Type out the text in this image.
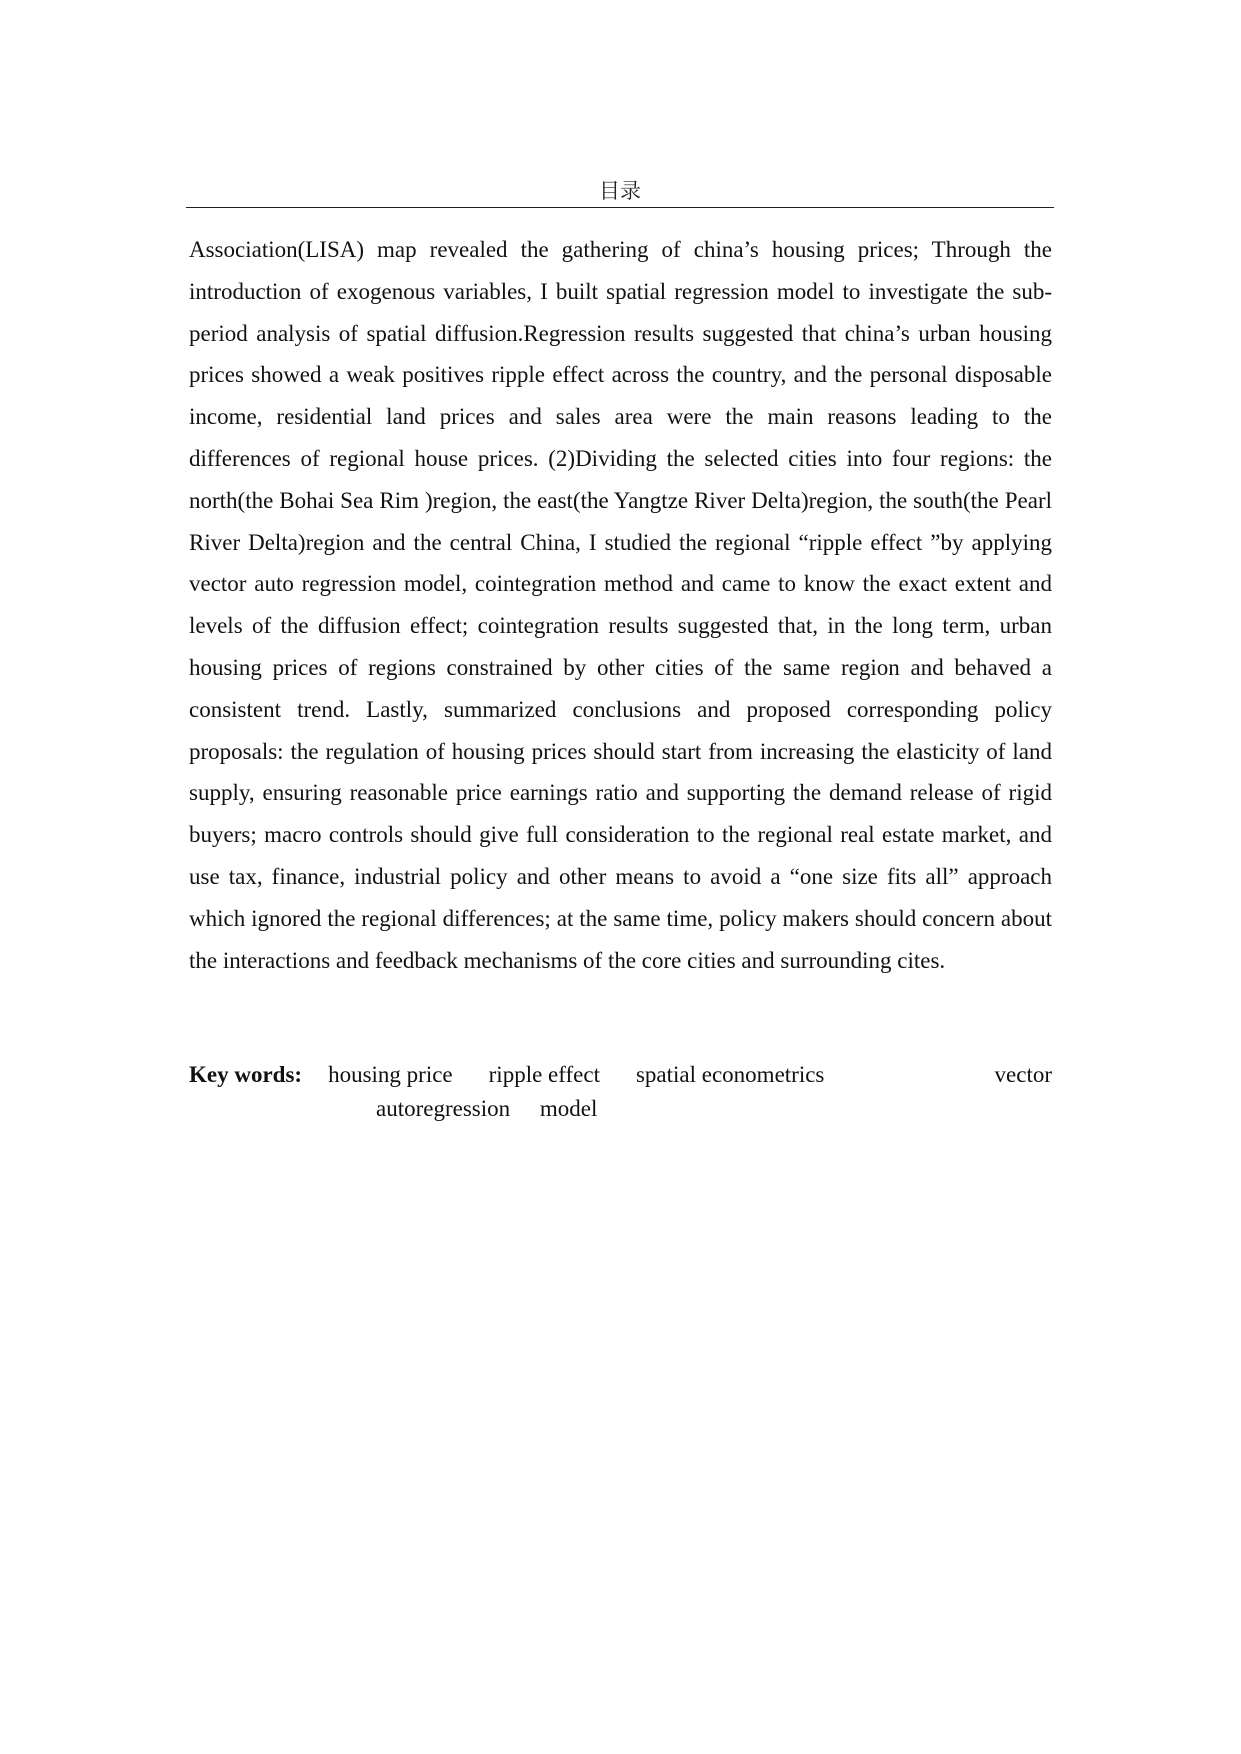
目录

Association(LISA) map revealed the gathering of china’s housing prices; Through the introduction of exogenous variables, I built spatial regression model to investigate the sub-period analysis of spatial diffusion.Regression results suggested that china’s urban housing prices showed a weak positives ripple effect across the country, and the personal disposable income, residential land prices and sales area were the main reasons leading to the differences of regional house prices. (2)Dividing the selected cities into four regions: the north(the Bohai Sea Rim )region, the east(the Yangtze River Delta)region, the south(the Pearl River Delta)region and the central China, I studied the regional “ripple effect ”by applying vector auto regression model, cointegration method and came to know the exact extent and levels of the diffusion effect; cointegration results suggested that, in the long term, urban housing prices of regions constrained by other cities of the same region and behaved a consistent trend. Lastly, summarized conclusions and proposed corresponding policy proposals: the regulation of housing prices should start from increasing the elasticity of land supply, ensuring reasonable price earnings ratio and supporting the demand release of rigid buyers; macro controls should give full consideration to the regional real estate market, and use tax, finance, industrial policy and other means to avoid a “one size fits all” approach which ignored the regional differences; at the same time, policy makers should concern about the interactions and feedback mechanisms of the core cities and surrounding cites.

Key words: housing price ripple effect spatial econometrics	vector
autoregression model
